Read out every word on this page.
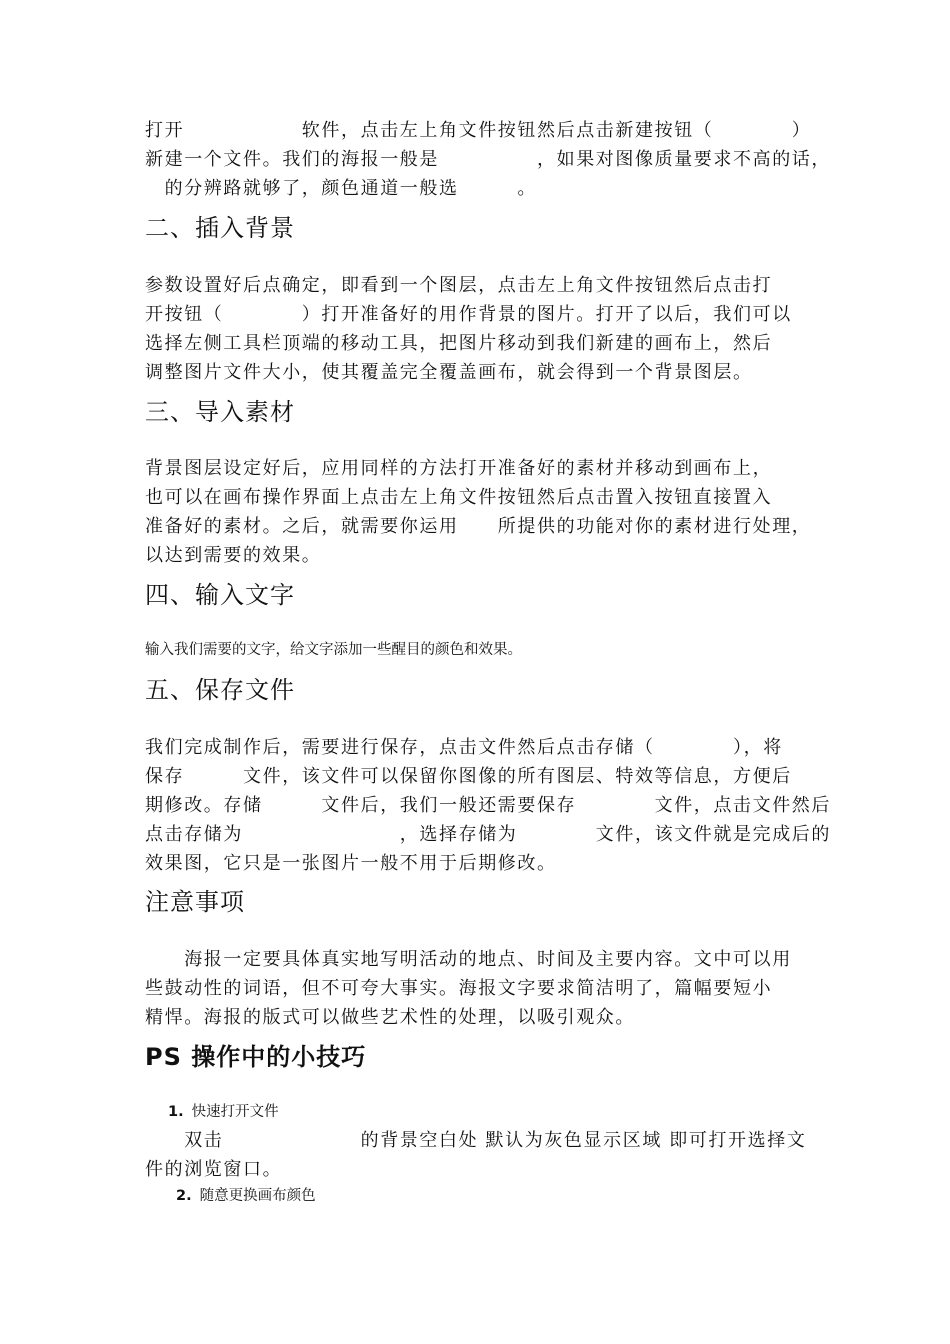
打开　　　　　　软件，点击左上角文件按钮然后点击新建按钮（　　　　）
新建一个文件。我们的海报一般是　　　　　，如果对图像质量要求不高的话，
　的分辨路就够了，颜色通道一般选　　　。
二、插入背景
参数设置好后点确定，即看到一个图层，点击左上角文件按钮然后点击打
开按钮（　　　　）打开准备好的用作背景的图片。打开了以后，我们可以
选择左侧工具栏顶端的移动工具，把图片移动到我们新建的画布上，然后
调整图片文件大小，使其覆盖完全覆盖画布，就会得到一个背景图层。
三、导入素材
背景图层设定好后，应用同样的方法打开准备好的素材并移动到画布上，
也可以在画布操作界面上点击左上角文件按钮然后点击置入按钮直接置入
准备好的素材。之后，就需要你运用　　所提供的功能对你的素材进行处理，
以达到需要的效果。
四、输入文字
输入我们需要的文字，给文字添加一些醒目的颜色和效果。
五、保存文件
我们完成制作后，需要进行保存，点击文件然后点击存储（　　　　），将
保存　　　文件，该文件可以保留你图像的所有图层、特效等信息，方便后
期修改。存储　　　文件后，我们一般还需要保存　　　　文件，点击文件然后
点击存储为　　　　　　　　，选择存储为　　　　文件，该文件就是完成后的
效果图，它只是一张图片一般不用于后期修改。
注意事项
　　海报一定要具体真实地写明活动的地点、时间及主要内容。文中可以用
些鼓动性的词语，但不可夸大事实。海报文字要求简洁明了，篇幅要短小
精悍。海报的版式可以做些艺术性的处理，以吸引观众。
PS 操作中的小技巧
1. 快速打开文件
　　双击　　　　　　　的背景空白处 默认为灰色显示区域 即可打开选择文
件的浏览窗口。
2. 随意更换画布颜色
